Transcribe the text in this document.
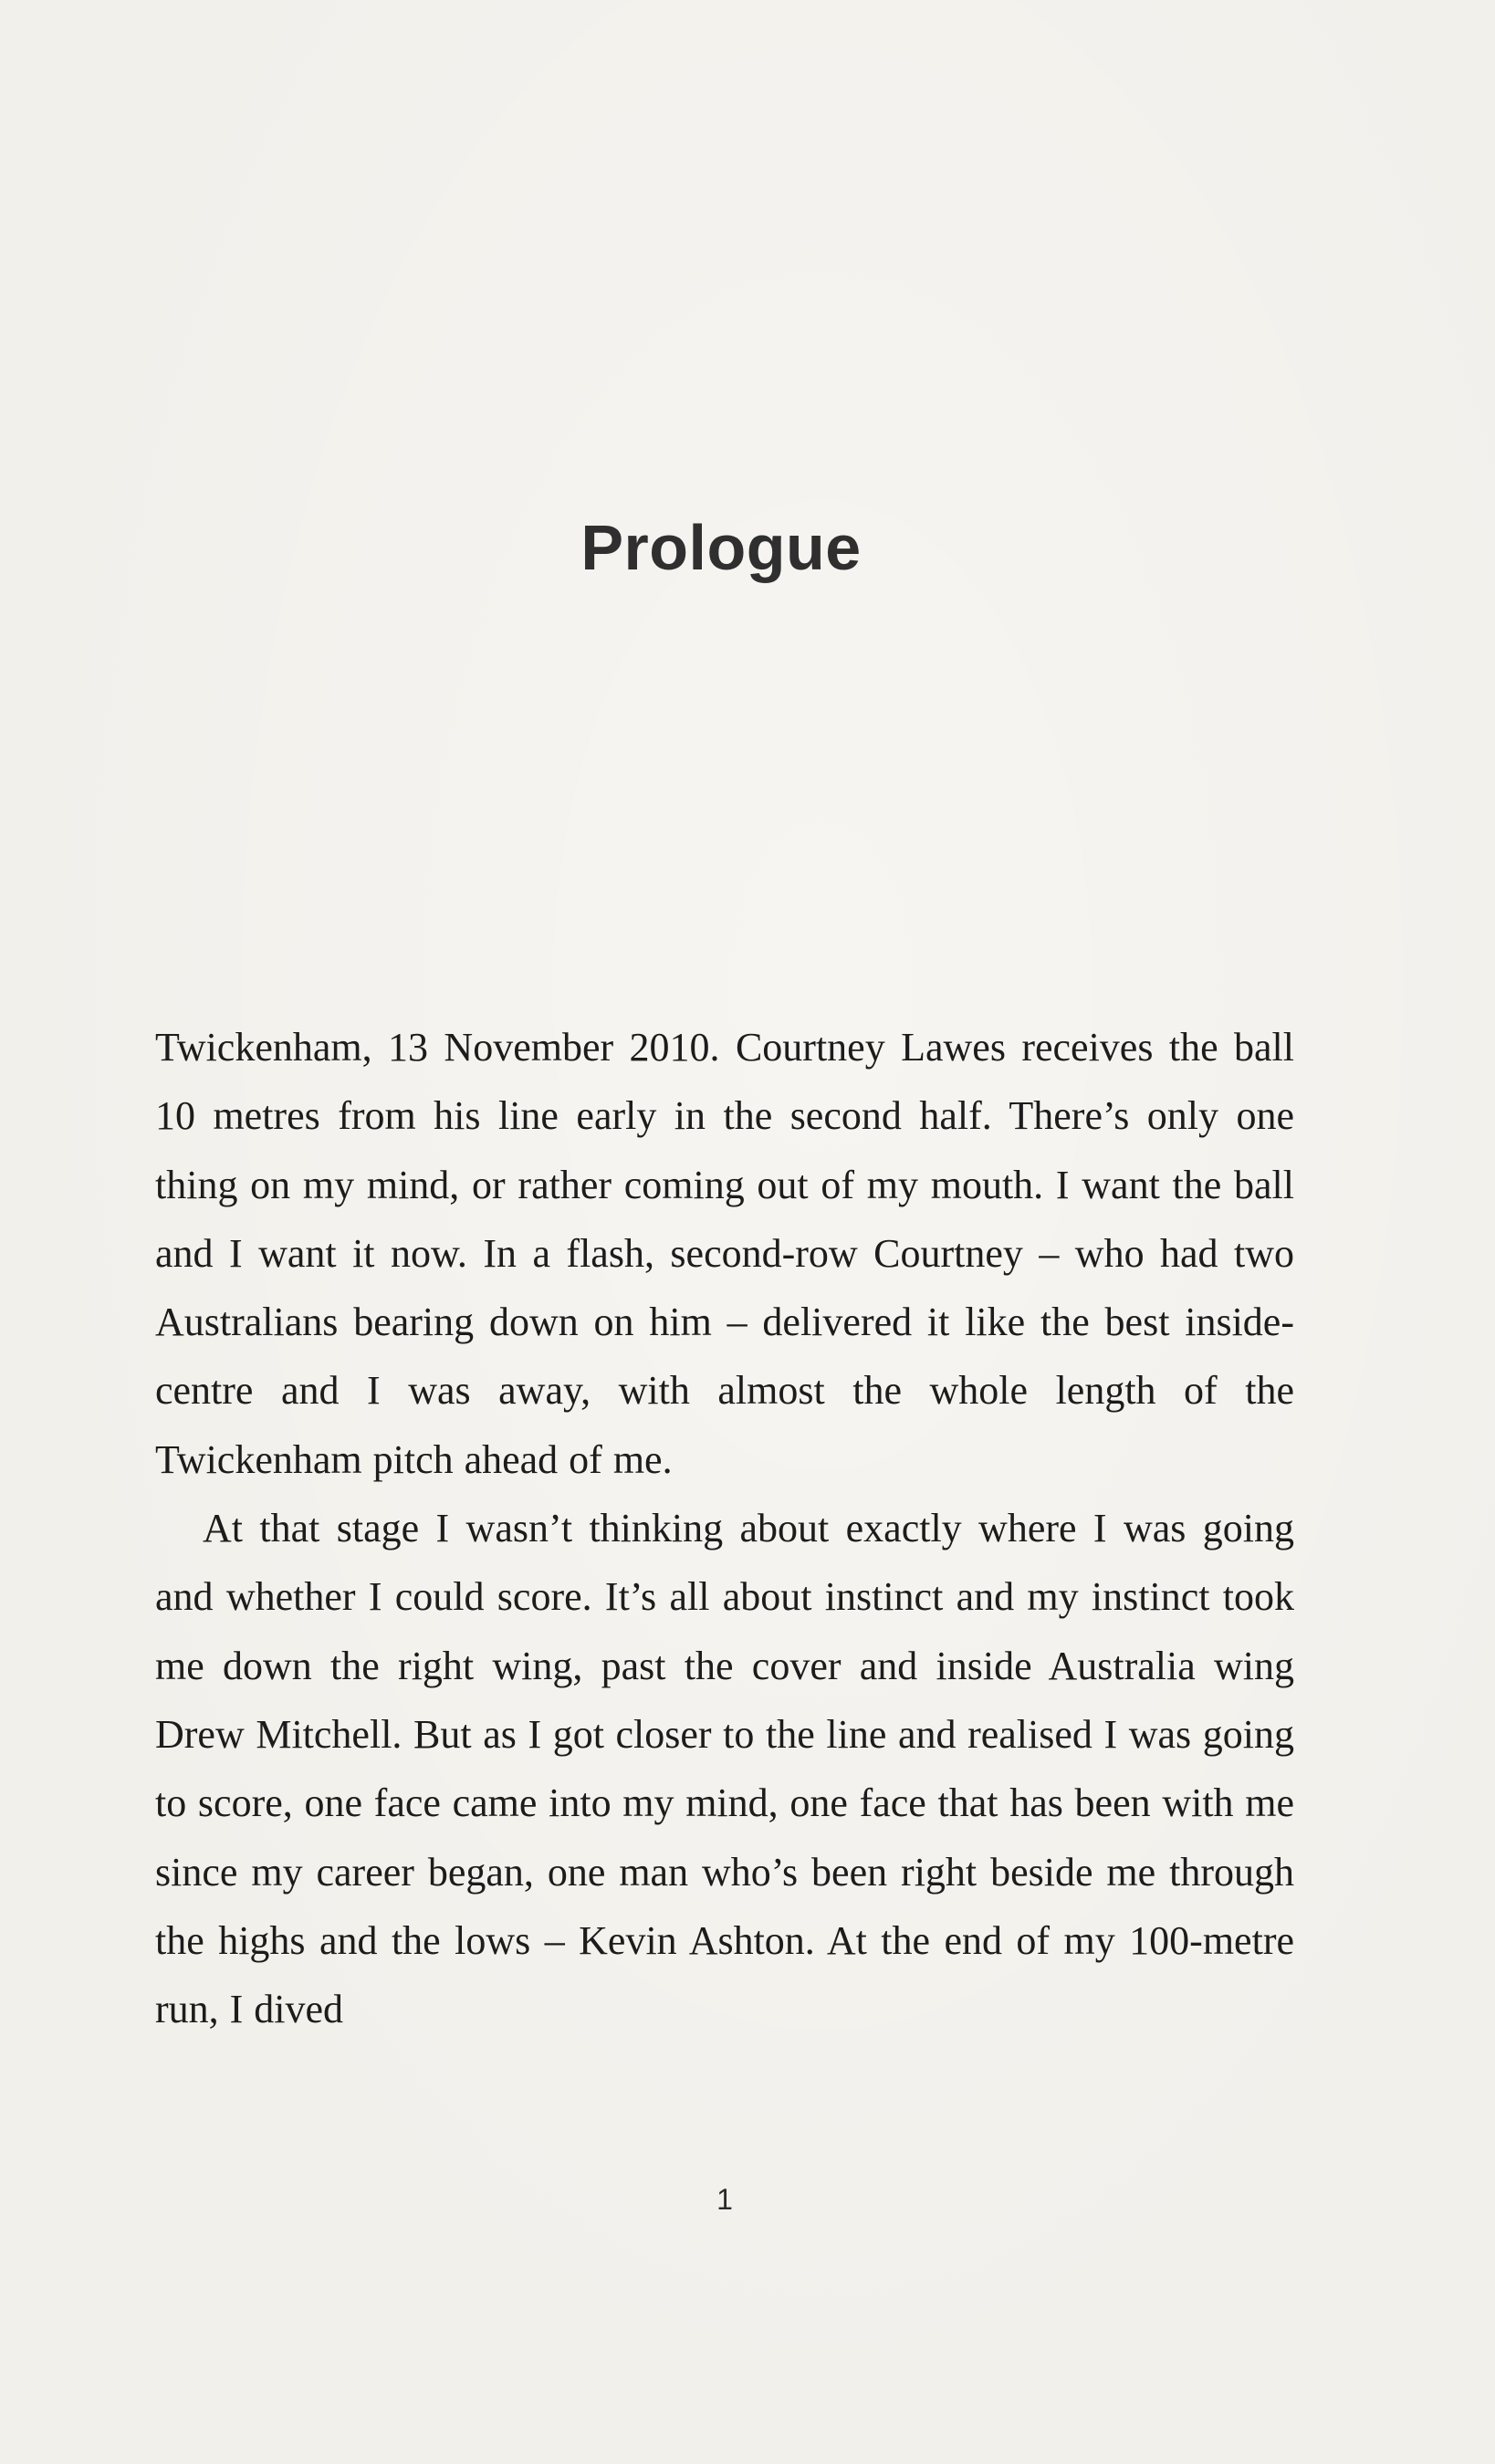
Prologue

Twickenham, 13 November 2010. Courtney Lawes receives the ball 10 metres from his line early in the second half. There’s only one thing on my mind, or rather coming out of my mouth. I want the ball and I want it now. In a flash, second-row Courtney – who had two Australians bearing down on him – delivered it like the best inside-centre and I was away, with almost the whole length of the Twickenham pitch ahead of me.

At that stage I wasn’t thinking about exactly where I was going and whether I could score. It’s all about instinct and my instinct took me down the right wing, past the cover and inside Australia wing Drew Mitchell. But as I got closer to the line and realised I was going to score, one face came into my mind, one face that has been with me since my career began, one man who’s been right beside me through the highs and the lows – Kevin Ashton. At the end of my 100-metre run, I dived

1
